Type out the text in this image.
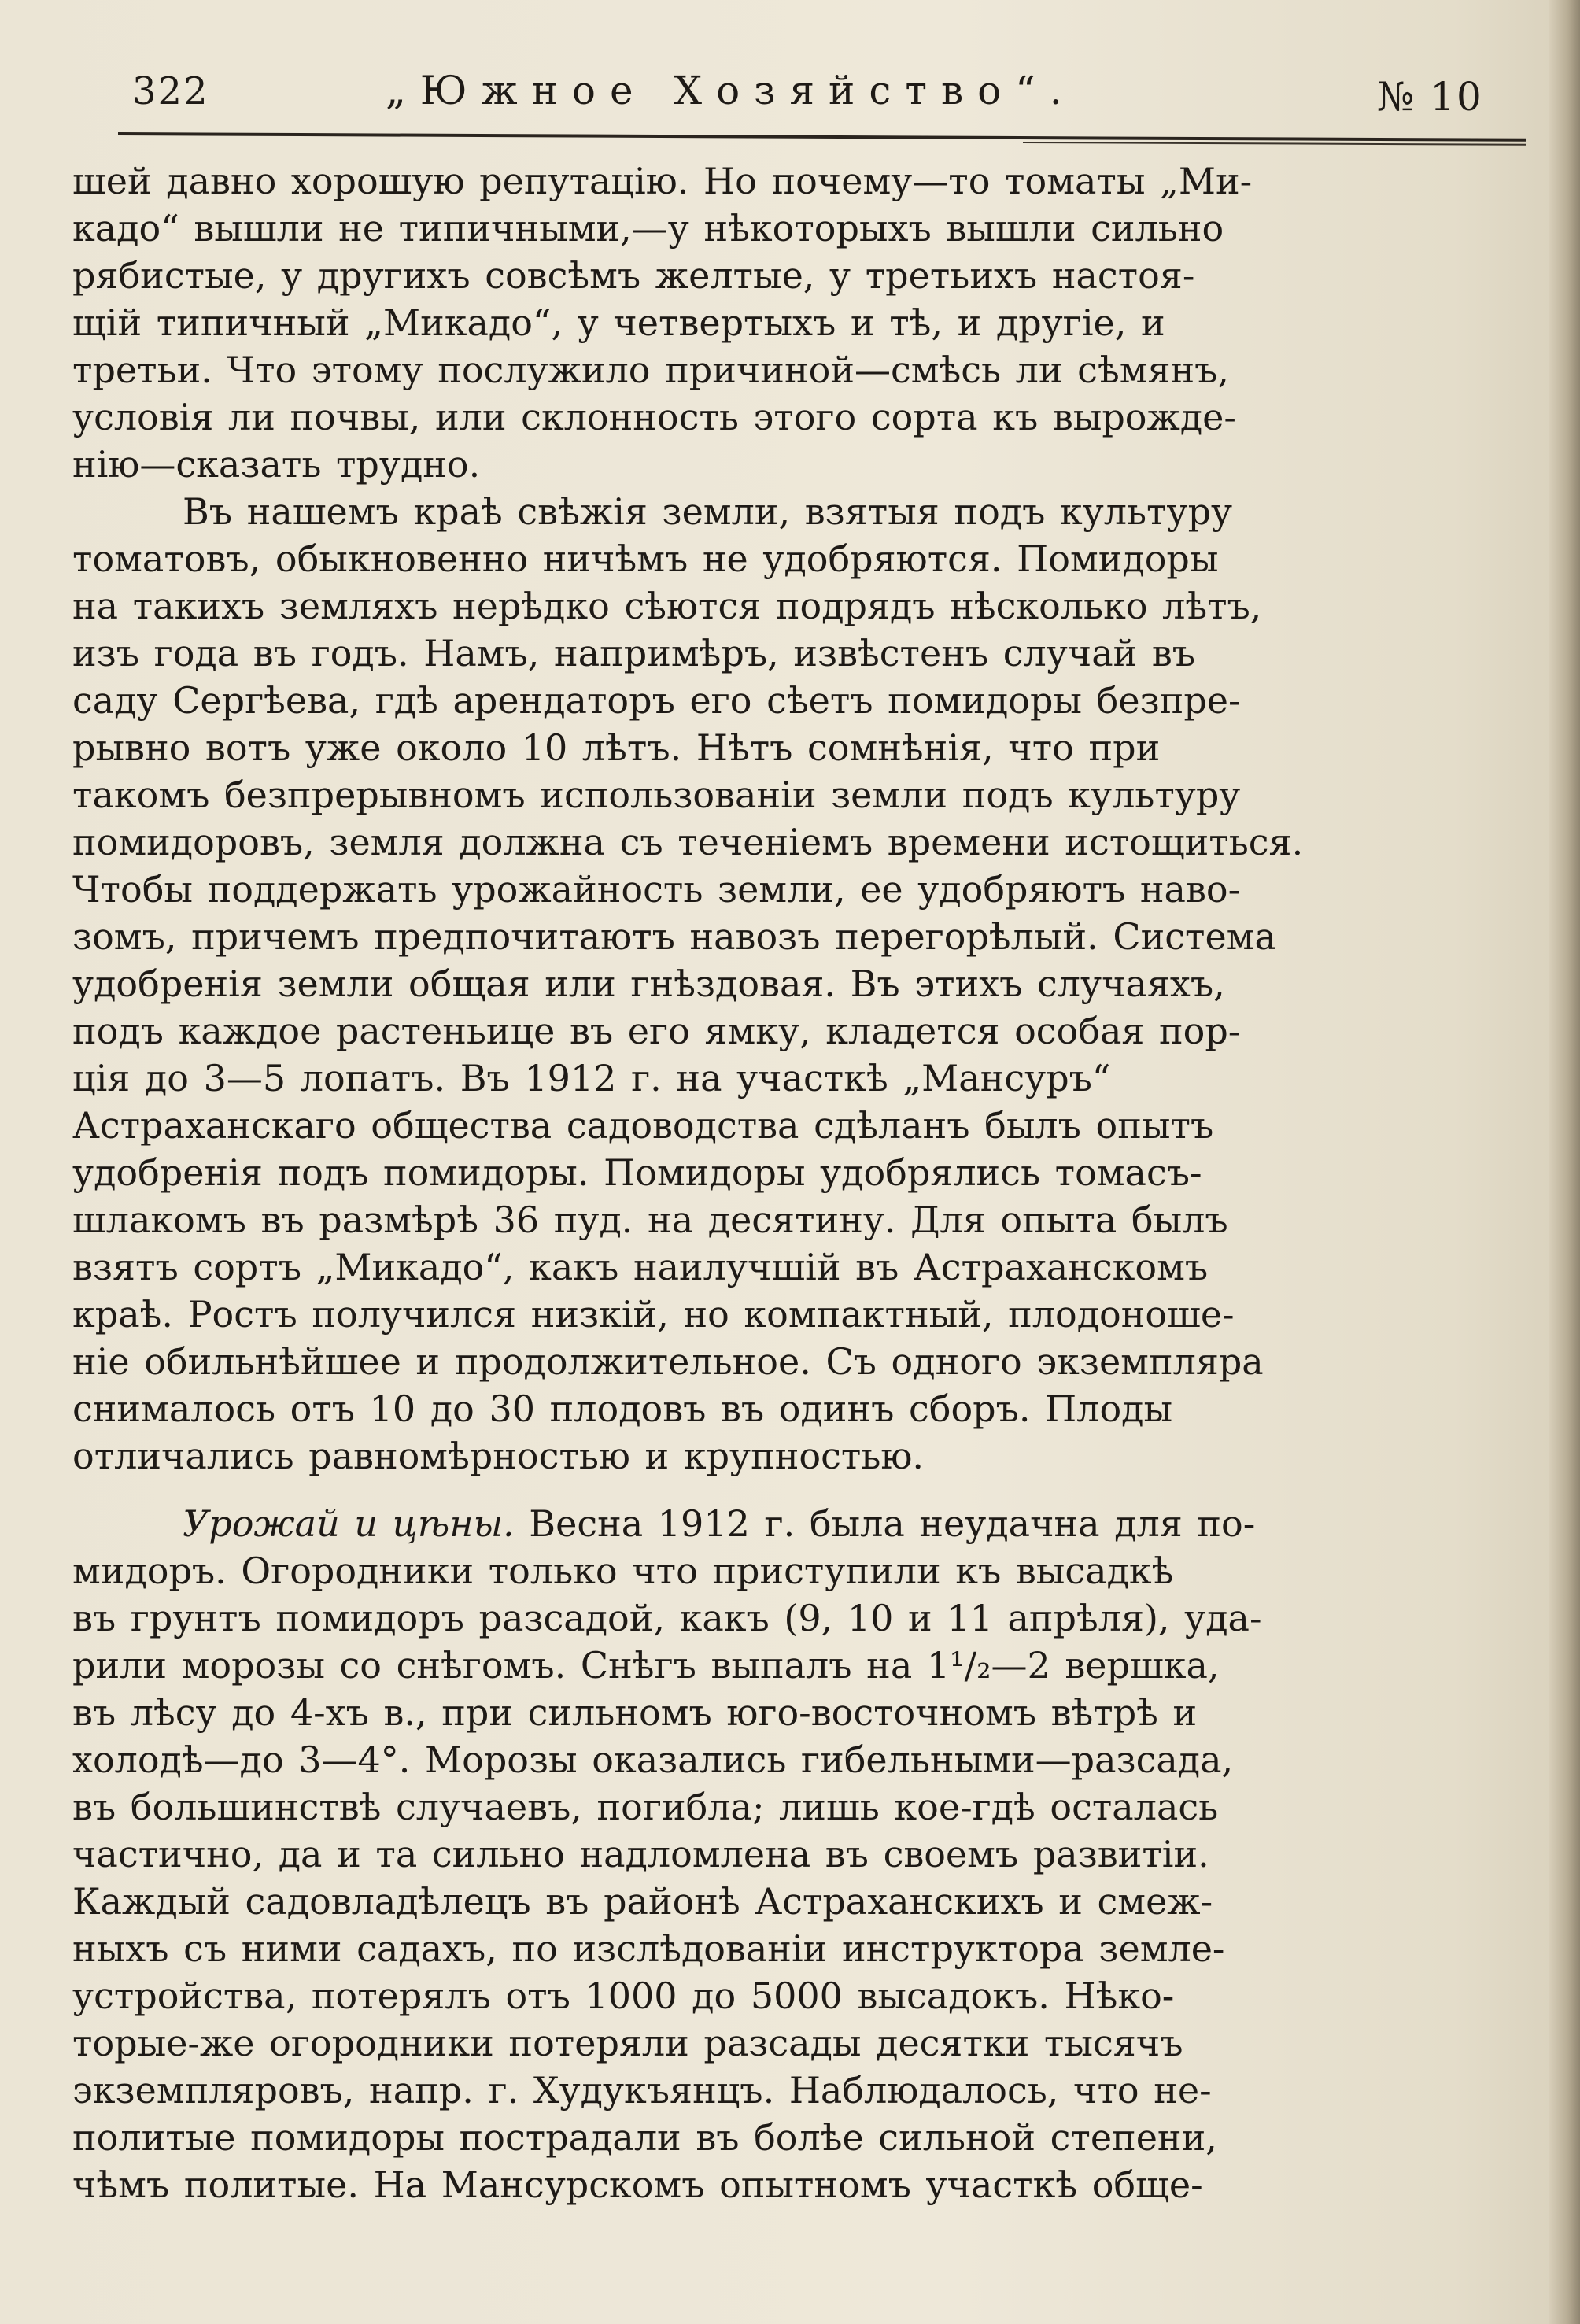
322	„Южное Хозяйство“.	№ 10
шей давно хорошую репутацію. Но почему—то томаты „Ми-
кадо“ вышли не типичными,—у нѣкоторыхъ вышли сильно
рябистые, у другихъ совсѣмъ желтые, у третьихъ настоя-
щій типичный „Микадо“, у четвертыхъ и тѣ, и другіе, и
третьи. Что этому послужило причиной—смѣсь ли сѣмянъ,
условія ли почвы, или склонность этого сорта къ вырожде-
нію—сказать трудно.
Въ нашемъ краѣ свѣжія земли, взятыя подъ культуру
томатовъ, обыкновенно ничѣмъ не удобряются. Помидоры
на такихъ земляхъ нерѣдко сѣются подрядъ нѣсколько лѣтъ,
изъ года въ годъ. Намъ, напримѣръ, извѣстенъ случай въ
саду Сергѣева, гдѣ арендаторъ его сѣетъ помидоры безпре-
рывно вотъ уже около 10 лѣтъ. Нѣтъ сомнѣнія, что при
такомъ безпрерывномъ использованіи земли подъ культуру
помидоровъ, земля должна съ теченіемъ времени истощиться.
Чтобы поддержать урожайность земли, ее удобряютъ наво-
зомъ, причемъ предпочитаютъ навозъ перегорѣлый. Система
удобренія земли общая или гнѣздовая. Въ этихъ случаяхъ,
подъ каждое растеньице въ его ямку, кладется особая пор-
ція до 3—5 лопатъ. Въ 1912 г. на участкѣ „Мансуръ“
Астраханскаго общества садоводства сдѣланъ былъ опытъ
удобренія подъ помидоры. Помидоры удобрялись томасъ-
шлакомъ въ размѣрѣ 36 пуд. на десятину. Для опыта былъ
взятъ сортъ „Микадо“, какъ наилучшій въ Астраханскомъ
краѣ. Ростъ получился низкій, но компактный, плодоноше-
ніе обильнѣйшее и продолжительное. Съ одного экземпляра
снималось отъ 10 до 30 плодовъ въ одинъ сборъ. Плоды
отличались равномѣрностью и крупностью.
Урожай и цѣны. Весна 1912 г. была неудачна для по-
мидоръ. Огородники только что приступили къ высадкѣ
въ грунтъ помидоръ разсадой, какъ (9, 10 и 11 апрѣля), уда-
рили морозы со снѣгомъ. Снѣгъ выпалъ на 1¹/₂—2 вершка,
въ лѣсу до 4-хъ в., при сильномъ юго-восточномъ вѣтрѣ и
холодѣ—до 3—4°. Морозы оказались гибельными—разсада,
въ большинствѣ случаевъ, погибла; лишь кое-гдѣ осталась
частично, да и та сильно надломлена въ своемъ развитіи.
Каждый садовладѣлецъ въ районѣ Астраханскихъ и смеж-
ныхъ съ ними садахъ, по изслѣдованіи инструктора земле-
устройства, потерялъ отъ 1000 до 5000 высадокъ. Нѣко-
торые-же огородники потеряли разсады десятки тысячъ
экземпляровъ, напр. г. Худукъянцъ. Наблюдалось, что не-
политые помидоры пострадали въ болѣе сильной степени,
чѣмъ политые. На Мансурскомъ опытномъ участкѣ обще-
